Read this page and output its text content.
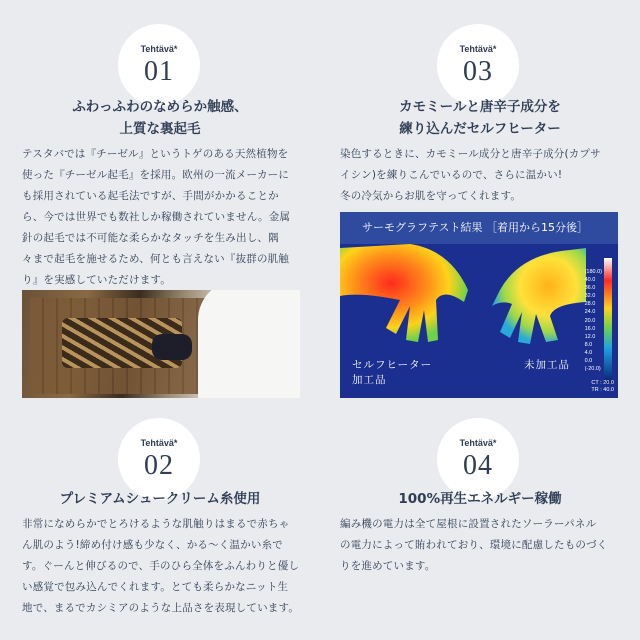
Tehtävä*
01
ふわっふわのなめらか触感、
上質な裏起毛
テスタバでは『チーゼル』というトゲのある天然植物を
使った『チーゼル起毛』を採用。欧州の一流メーカーに
も採用されている起毛法ですが、手間がかかることか
ら、今では世界でも数社しか稼働されていません。金属
針の起毛では不可能な柔らかなタッチを生み出し、隅
々まで起毛を施せるため、何とも言えない『抜群の肌触
り』を実感していただけます。
Tehtävä*
03
カモミールと唐辛子成分を
練り込んだセルフヒーター
染色するときに、カモミール成分と唐辛子成分(カプサ
イシン)を練りこんでいるので、さらに温かい!
冬の冷気からお肌を守ってくれます。
サーモグラフテスト結果 ［着用から15分後］
(180.0)
40.0
36.0
32.0
28.0
24.0
20.0
16.0
12.0
8.0
4.0
0.0
(-20.0)
セルフヒーター
加工品
未加工品
CT : 20.0
TR : 40.0
Tehtävä*
02
プレミアムシュークリーム糸使用
非常になめらかでとろけるような肌触りはまるで赤ちゃ
ん肌のよう!締め付け感も少なく、かる〜く温かい糸で
す。ぐーんと伸びるので、手のひら全体をふんわりと優し
い感覚で包み込んでくれます。とても柔らかなニット生
地で、まるでカシミアのような上品さを表現しています。
Tehtävä*
04
100%再生エネルギー稼働
編み機の電力は全て屋根に設置されたソーラーパネル
の電力によって賄われており、環境に配慮したものづく
りを進めています。
